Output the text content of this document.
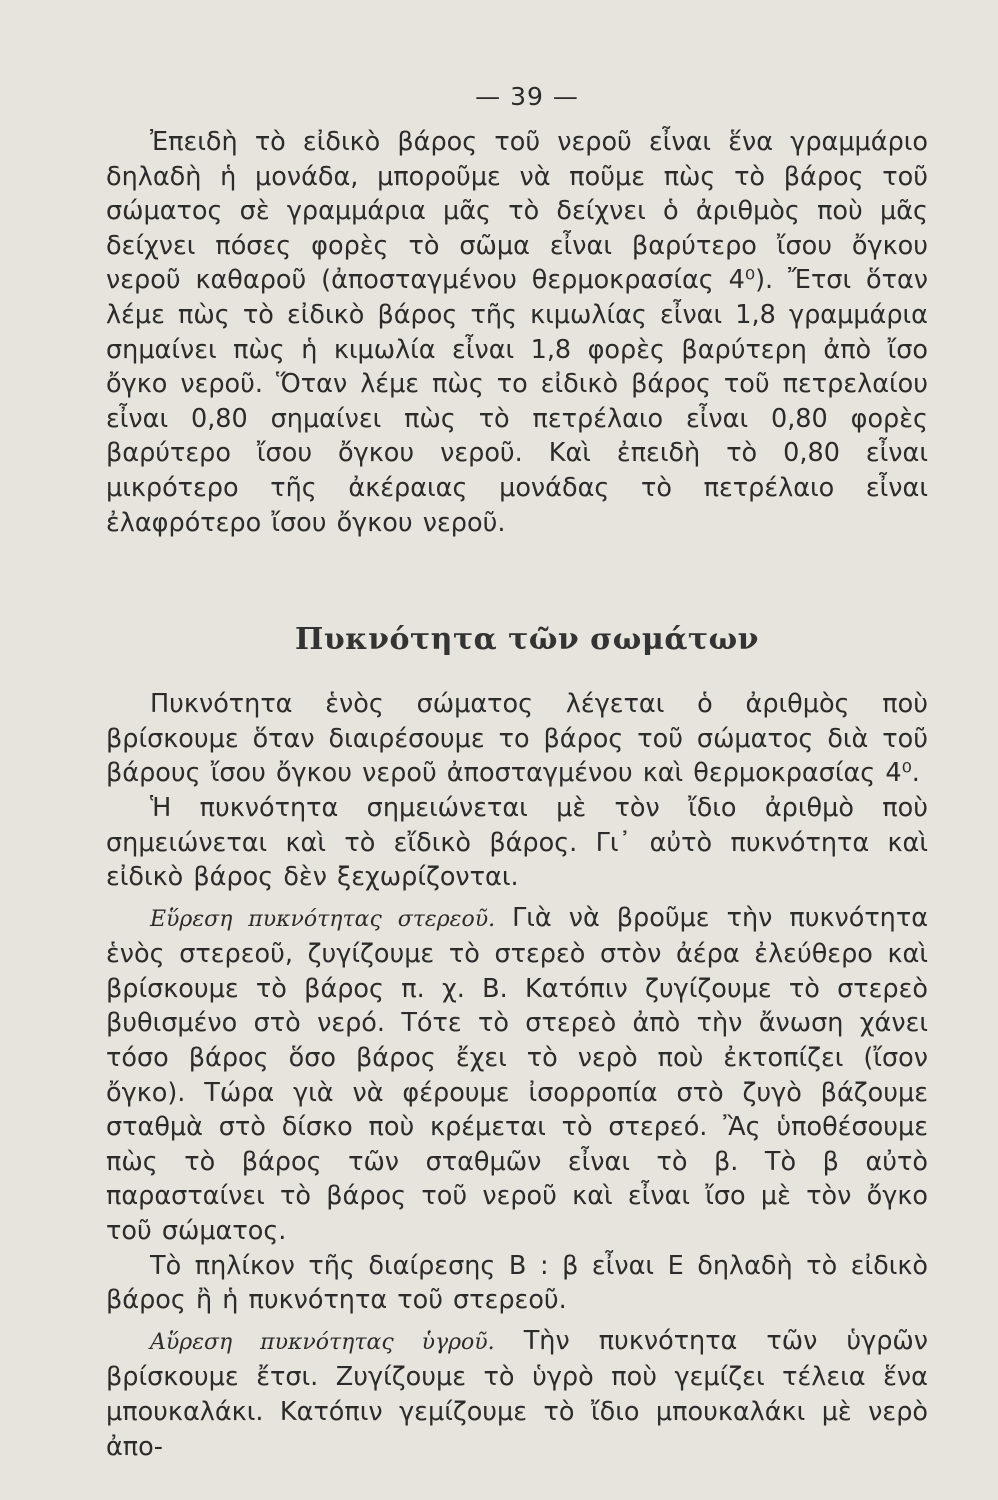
— 39 —

Ἐπειδὴ τὸ εἰδικὸ βάρος τοῦ νεροῦ εἶναι ἕνα γραμμάριο δηλαδὴ ἡ μονάδα, μποροῦμε νὰ ποῦμε πὼς τὸ βάρος τοῦ σώματος σὲ γραμμάρια μᾶς τὸ δείχνει ὁ ἀριθμὸς ποὺ μᾶς δείχνει πόσες φορὲς τὸ σῶμα εἶναι βαρύτερο ἴσου ὄγκου νεροῦ καθαροῦ (ἀποσταγμένου θερμοκρασίας 4⁰). Ἔτσι ὅταν λέμε πὼς τὸ εἰδικὸ βάρος τῆς κιμωλίας εἶναι 1,8 γραμμάρια σημαίνει πὼς ἡ κιμωλία εἶναι 1,8 φορὲς βαρύτερη ἀπὸ ἴσο ὄγκο νεροῦ. Ὅταν λέμε πὼς το εἰδικὸ βάρος τοῦ πετρελαίου εἶναι 0,80 σημαίνει πὼς τὸ πετρέλαιο εἶναι 0,80 φορὲς βαρύτερο ἴσου ὄγκου νεροῦ. Καὶ ἐπειδὴ τὸ 0,80 εἶναι μικρότερο τῆς ἀκέραιας μονάδας τὸ πετρέλαιο εἶναι ἐλαφρότερο ἴσου ὄγκου νεροῦ.

Πυκνότητα τῶν σωμάτων

Πυκνότητα ἑνὸς σώματος λέγεται ὁ ἀριθμὸς ποὺ βρίσκουμε ὅταν διαιρέσουμε το βάρος τοῦ σώματος διὰ τοῦ βάρους ἴσου ὄγκου νεροῦ ἀποσταγμένου καὶ θερμοκρασίας 4⁰.

Ἡ πυκνότητα σημειώνεται μὲ τὸν ἴδιο ἀριθμὸ ποὺ σημειώνεται καὶ τὸ εἴδικὸ βάρος. Γι᾽ αὐτὸ πυκνότητα καὶ εἰδικὸ βάρος δὲν ξεχωρίζονται.

Εὕρεση πυκνότητας στερεοῦ. Γιὰ νὰ βροῦμε τὴν πυκνότητα ἑνὸς στερεοῦ, ζυγίζουμε τὸ στερεὸ στὸν ἀέρα ἐλεύθερο καὶ βρίσκουμε τὸ βάρος π. χ. Β. Κατόπιν ζυγίζουμε τὸ στερεὸ βυθισμένο στὸ νερό. Τότε τὸ στερεὸ ἀπὸ τὴν ἄνωση χάνει τόσο βάρος ὅσο βάρος ἔχει τὸ νερὸ ποὺ ἐκτοπίζει (ἴσον ὄγκο). Τώρα γιὰ νὰ φέρουμε ἰσορροπία στὸ ζυγὸ βάζουμε σταθμὰ στὸ δίσκο ποὺ κρέμεται τὸ στερεό. Ἂς ὑποθέσουμε πὼς τὸ βάρος τῶν σταθμῶν εἶναι τὸ β. Τὸ β αὐτὸ παρασταίνει τὸ βάρος τοῦ νεροῦ καὶ εἶναι ἴσο μὲ τὸν ὄγκο τοῦ σώματος.

Τὸ πηλίκον τῆς διαίρεσης Β : β εἶναι Ε δηλαδὴ τὸ εἰδικὸ βάρος ἢ ἡ πυκνότητα τοῦ στερεοῦ.

Αὕρεση πυκνότητας ὑγροῦ. Τὴν πυκνότητα τῶν ὑγρῶν βρίσκουμε ἔτσι. Ζυγίζουμε τὸ ὑγρὸ ποὺ γεμίζει τέλεια ἕνα μπουκαλάκι. Κατόπιν γεμίζουμε τὸ ἴδιο μπουκαλάκι μὲ νερὸ ἀπο-
